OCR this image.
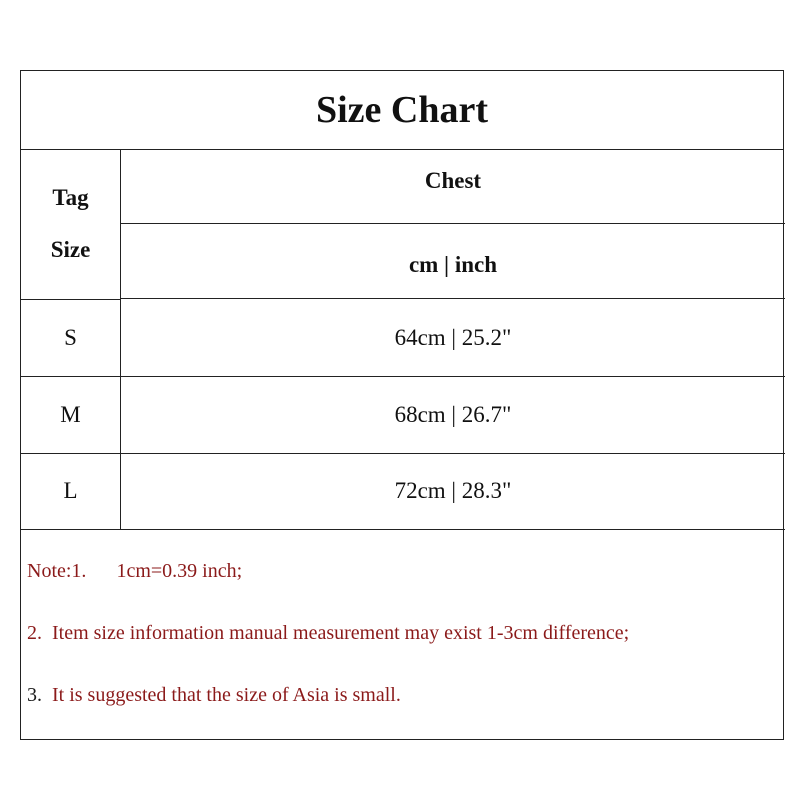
Size Chart
Tag
Size
Chest
cm | inch
S	64cm | 25.2"
M	68cm | 26.7"
L	72cm | 28.3"
Note:1. 1cm=0.39 inch;
2. Item size information manual measurement may exist 1-3cm difference;
3. It is suggested that the size of Asia is small.
